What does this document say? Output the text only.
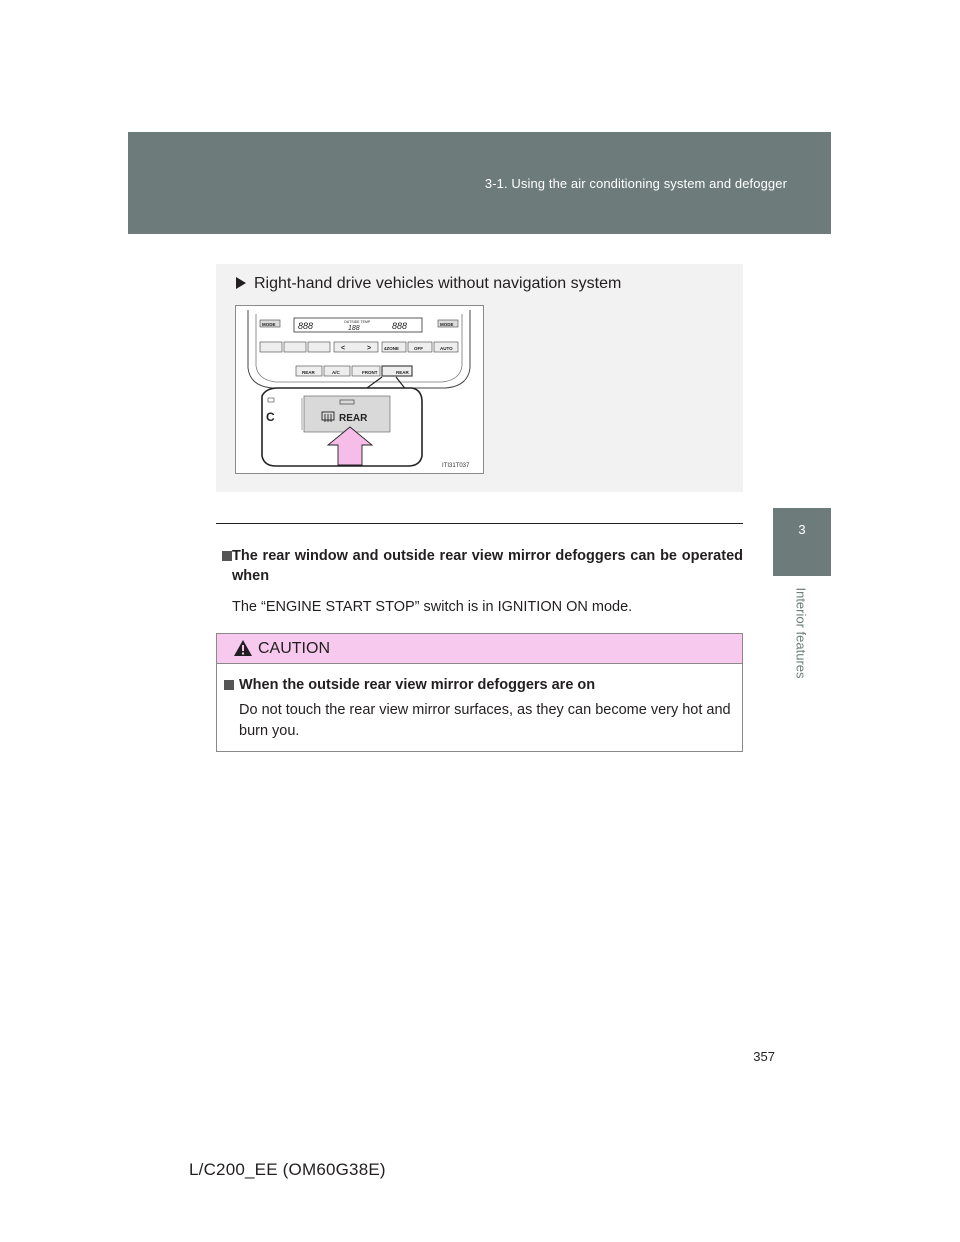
3-1. Using the air conditioning system and defogger
3
Interior features
Right-hand drive vehicles without navigation system
MODE	MODE
888	OUTSIDE TEMP
188	888
<	>	4ZONE	OFF	AUTO
REAR	A/C	FRONT	REAR
C	REAR
ITI31T037
The rear window and outside rear view mirror defoggers can be operated when
The “ENGINE START STOP” switch is in IGNITION ON mode.
CAUTION
When the outside rear view mirror defoggers are on
Do not touch the rear view mirror surfaces, as they can become very hot and burn you.
357
L/C200_EE (OM60G38E)
